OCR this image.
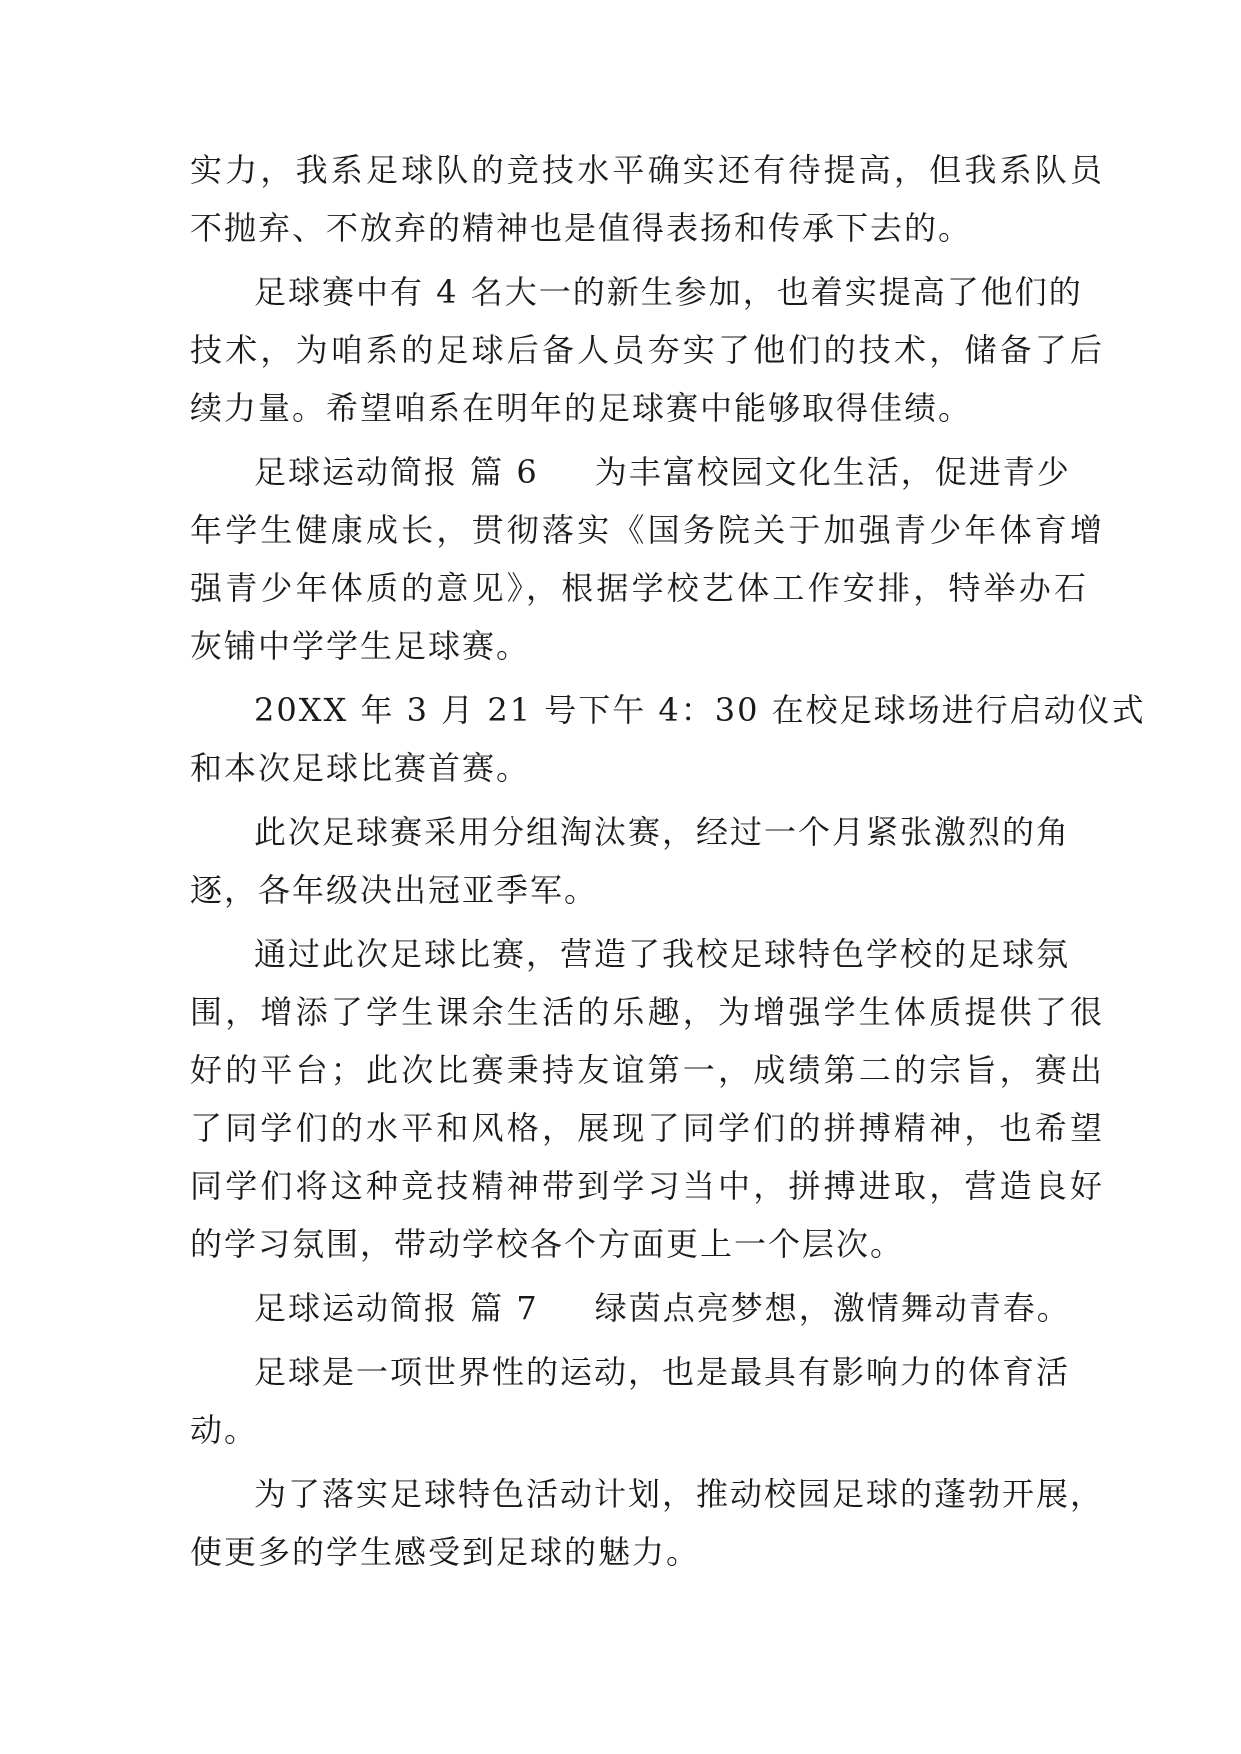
实力，我系足球队的竞技水平确实还有待提高，但我系队员
不抛弃、不放弃的精神也是值得表扬和传承下去的。
足球赛中有 4 名大一的新生参加，也着实提高了他们的
技术，为咱系的足球后备人员夯实了他们的技术，储备了后
续力量。希望咱系在明年的足球赛中能够取得佳绩。
足球运动简报 篇 6 为丰富校园文化生活，促进青少
年学生健康成长，贯彻落实《国务院关于加强青少年体育增
强青少年体质的意见》，根据学校艺体工作安排，特举办石
灰铺中学学生足球赛。
20XX 年 3 月 21 号下午 4：30 在校足球场进行启动仪式
和本次足球比赛首赛。
此次足球赛采用分组淘汰赛，经过一个月紧张激烈的角
逐，各年级决出冠亚季军。
通过此次足球比赛，营造了我校足球特色学校的足球氛
围，增添了学生课余生活的乐趣，为增强学生体质提供了很
好的平台；此次比赛秉持友谊第一，成绩第二的宗旨，赛出
了同学们的水平和风格，展现了同学们的拼搏精神，也希望
同学们将这种竞技精神带到学习当中，拼搏进取，营造良好
的学习氛围，带动学校各个方面更上一个层次。
足球运动简报 篇 7 绿茵点亮梦想，激情舞动青春。
足球是一项世界性的运动，也是最具有影响力的体育活
动。
为了落实足球特色活动计划，推动校园足球的蓬勃开展，
使更多的学生感受到足球的魅力。
